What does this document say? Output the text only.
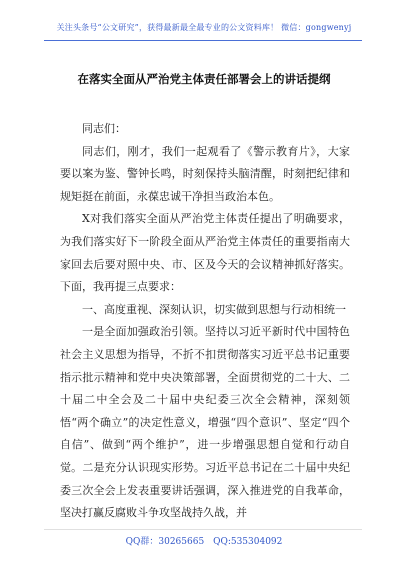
关注头条号“公文研究”，获得最新最全最专业的公文资料库！ 微信：gongwenyj
在落实全面从严治党主体责任部署会上的讲话提纲

同志们：

同志们，刚才，我们一起观看了《警示教育片》，大家要以案为鉴、警钟长鸣，时刻保持头脑清醒，时刻把纪律和规矩挺在前面，永葆忠诚干净担当政治本色。

X对我们落实全面从严治党主体责任提出了明确要求，为我们落实好下一阶段全面从严治党主体责任的重要指南大家回去后要对照中央、市、区及今天的会议精神抓好落实。下面，我再提三点要求：

一、高度重视、深刻认识，切实做到思想与行动相统一

一是全面加强政治引领。坚持以习近平新时代中国特色社会主义思想为指导，不折不扣贯彻落实习近平总书记重要指示批示精神和党中央决策部署，全面贯彻党的二十大、二十届二中全会及二十届中央纪委三次全会精神，深刻领悟“两个确立”的决定性意义，增强“四个意识”、坚定“四个自信”、做到“两个维护”，进一步增强思想自觉和行动自觉。二是充分认识现实形势。习近平总书记在二十届中央纪委三次全会上发表重要讲话强调，深入推进党的自我革命，坚决打赢反腐败斗争攻坚战持久战，并

QQ群：30265665 QQ:535304092
